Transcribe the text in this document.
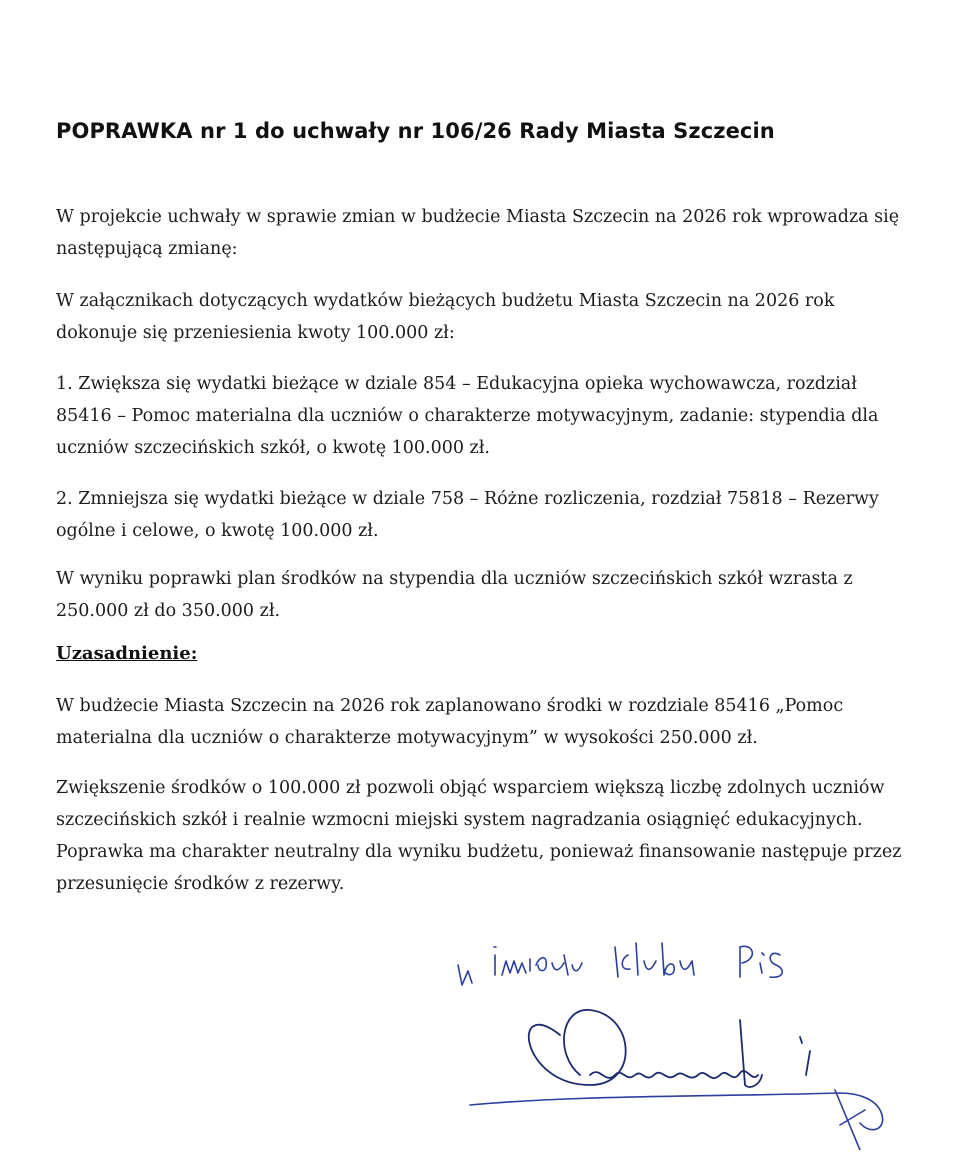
POPRAWKA nr 1 do uchwały nr 106/26 Rady Miasta Szczecin

W projekcie uchwały w sprawie zmian w budżecie Miasta Szczecin na 2026 rok wprowadza się następującą zmianę:

W załącznikach dotyczących wydatków bieżących budżetu Miasta Szczecin na 2026 rok dokonuje się przeniesienia kwoty 100.000 zł:

1. Zwiększa się wydatki bieżące w dziale 854 – Edukacyjna opieka wychowawcza, rozdział 85416 – Pomoc materialna dla uczniów o charakterze motywacyjnym, zadanie: stypendia dla uczniów szczecińskich szkół, o kwotę 100.000 zł.

2. Zmniejsza się wydatki bieżące w dziale 758 – Różne rozliczenia, rozdział 75818 – Rezerwy ogólne i celowe, o kwotę 100.000 zł.

W wyniku poprawki plan środków na stypendia dla uczniów szczecińskich szkół wzrasta z 250.000 zł do 350.000 zł.

Uzasadnienie:

W budżecie Miasta Szczecin na 2026 rok zaplanowano środki w rozdziale 85416 „Pomoc materialna dla uczniów o charakterze motywacyjnym” w wysokości 250.000 zł.

Zwiększenie środków o 100.000 zł pozwoli objąć wsparciem większą liczbę zdolnych uczniów szczecińskich szkół i realnie wzmocni miejski system nagradzania osiągnięć edukacyjnych. Poprawka ma charakter neutralny dla wyniku budżetu, ponieważ finansowanie następuje przez przesunięcie środków z rezerwy.
